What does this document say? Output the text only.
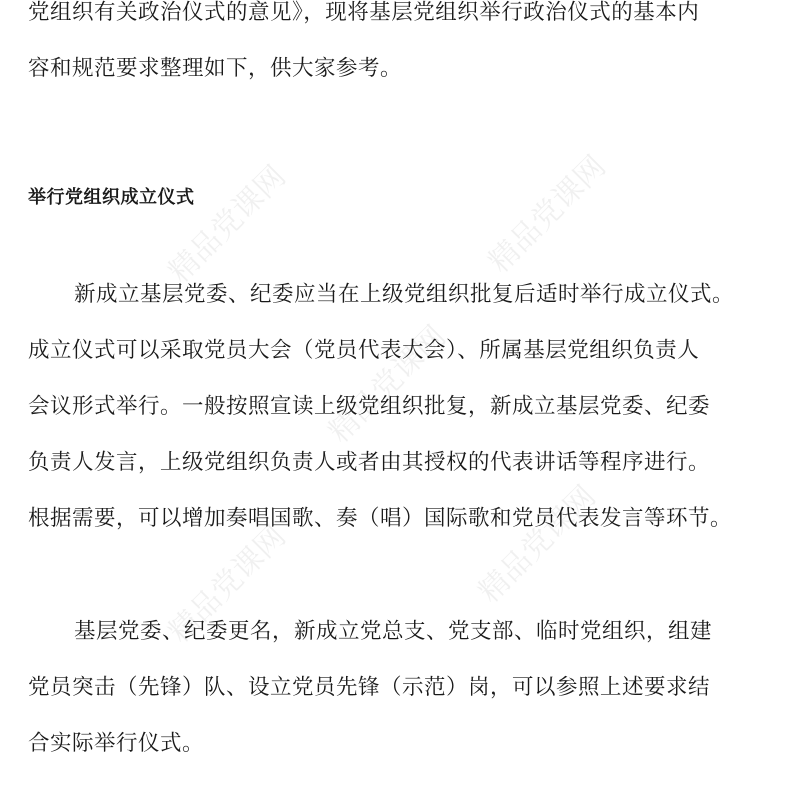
精品党课网	精品党课网
精品党课网
精品党课网	精品党课网
党组织有关政治仪式的意见》，现将基层党组织举行政治仪式的基本内
容和规范要求整理如下，供大家参考。
举行党组织成立仪式
新成立基层党委、纪委应当在上级党组织批复后适时举行成立仪式。
成立仪式可以采取党员大会（党员代表大会）、所属基层党组织负责人
会议形式举行。一般按照宣读上级党组织批复，新成立基层党委、纪委
负责人发言，上级党组织负责人或者由其授权的代表讲话等程序进行。
根据需要，可以增加奏唱国歌、奏（唱）国际歌和党员代表发言等环节。
基层党委、纪委更名，新成立党总支、党支部、临时党组织，组建
党员突击（先锋）队、设立党员先锋（示范）岗，可以参照上述要求结
合实际举行仪式。
